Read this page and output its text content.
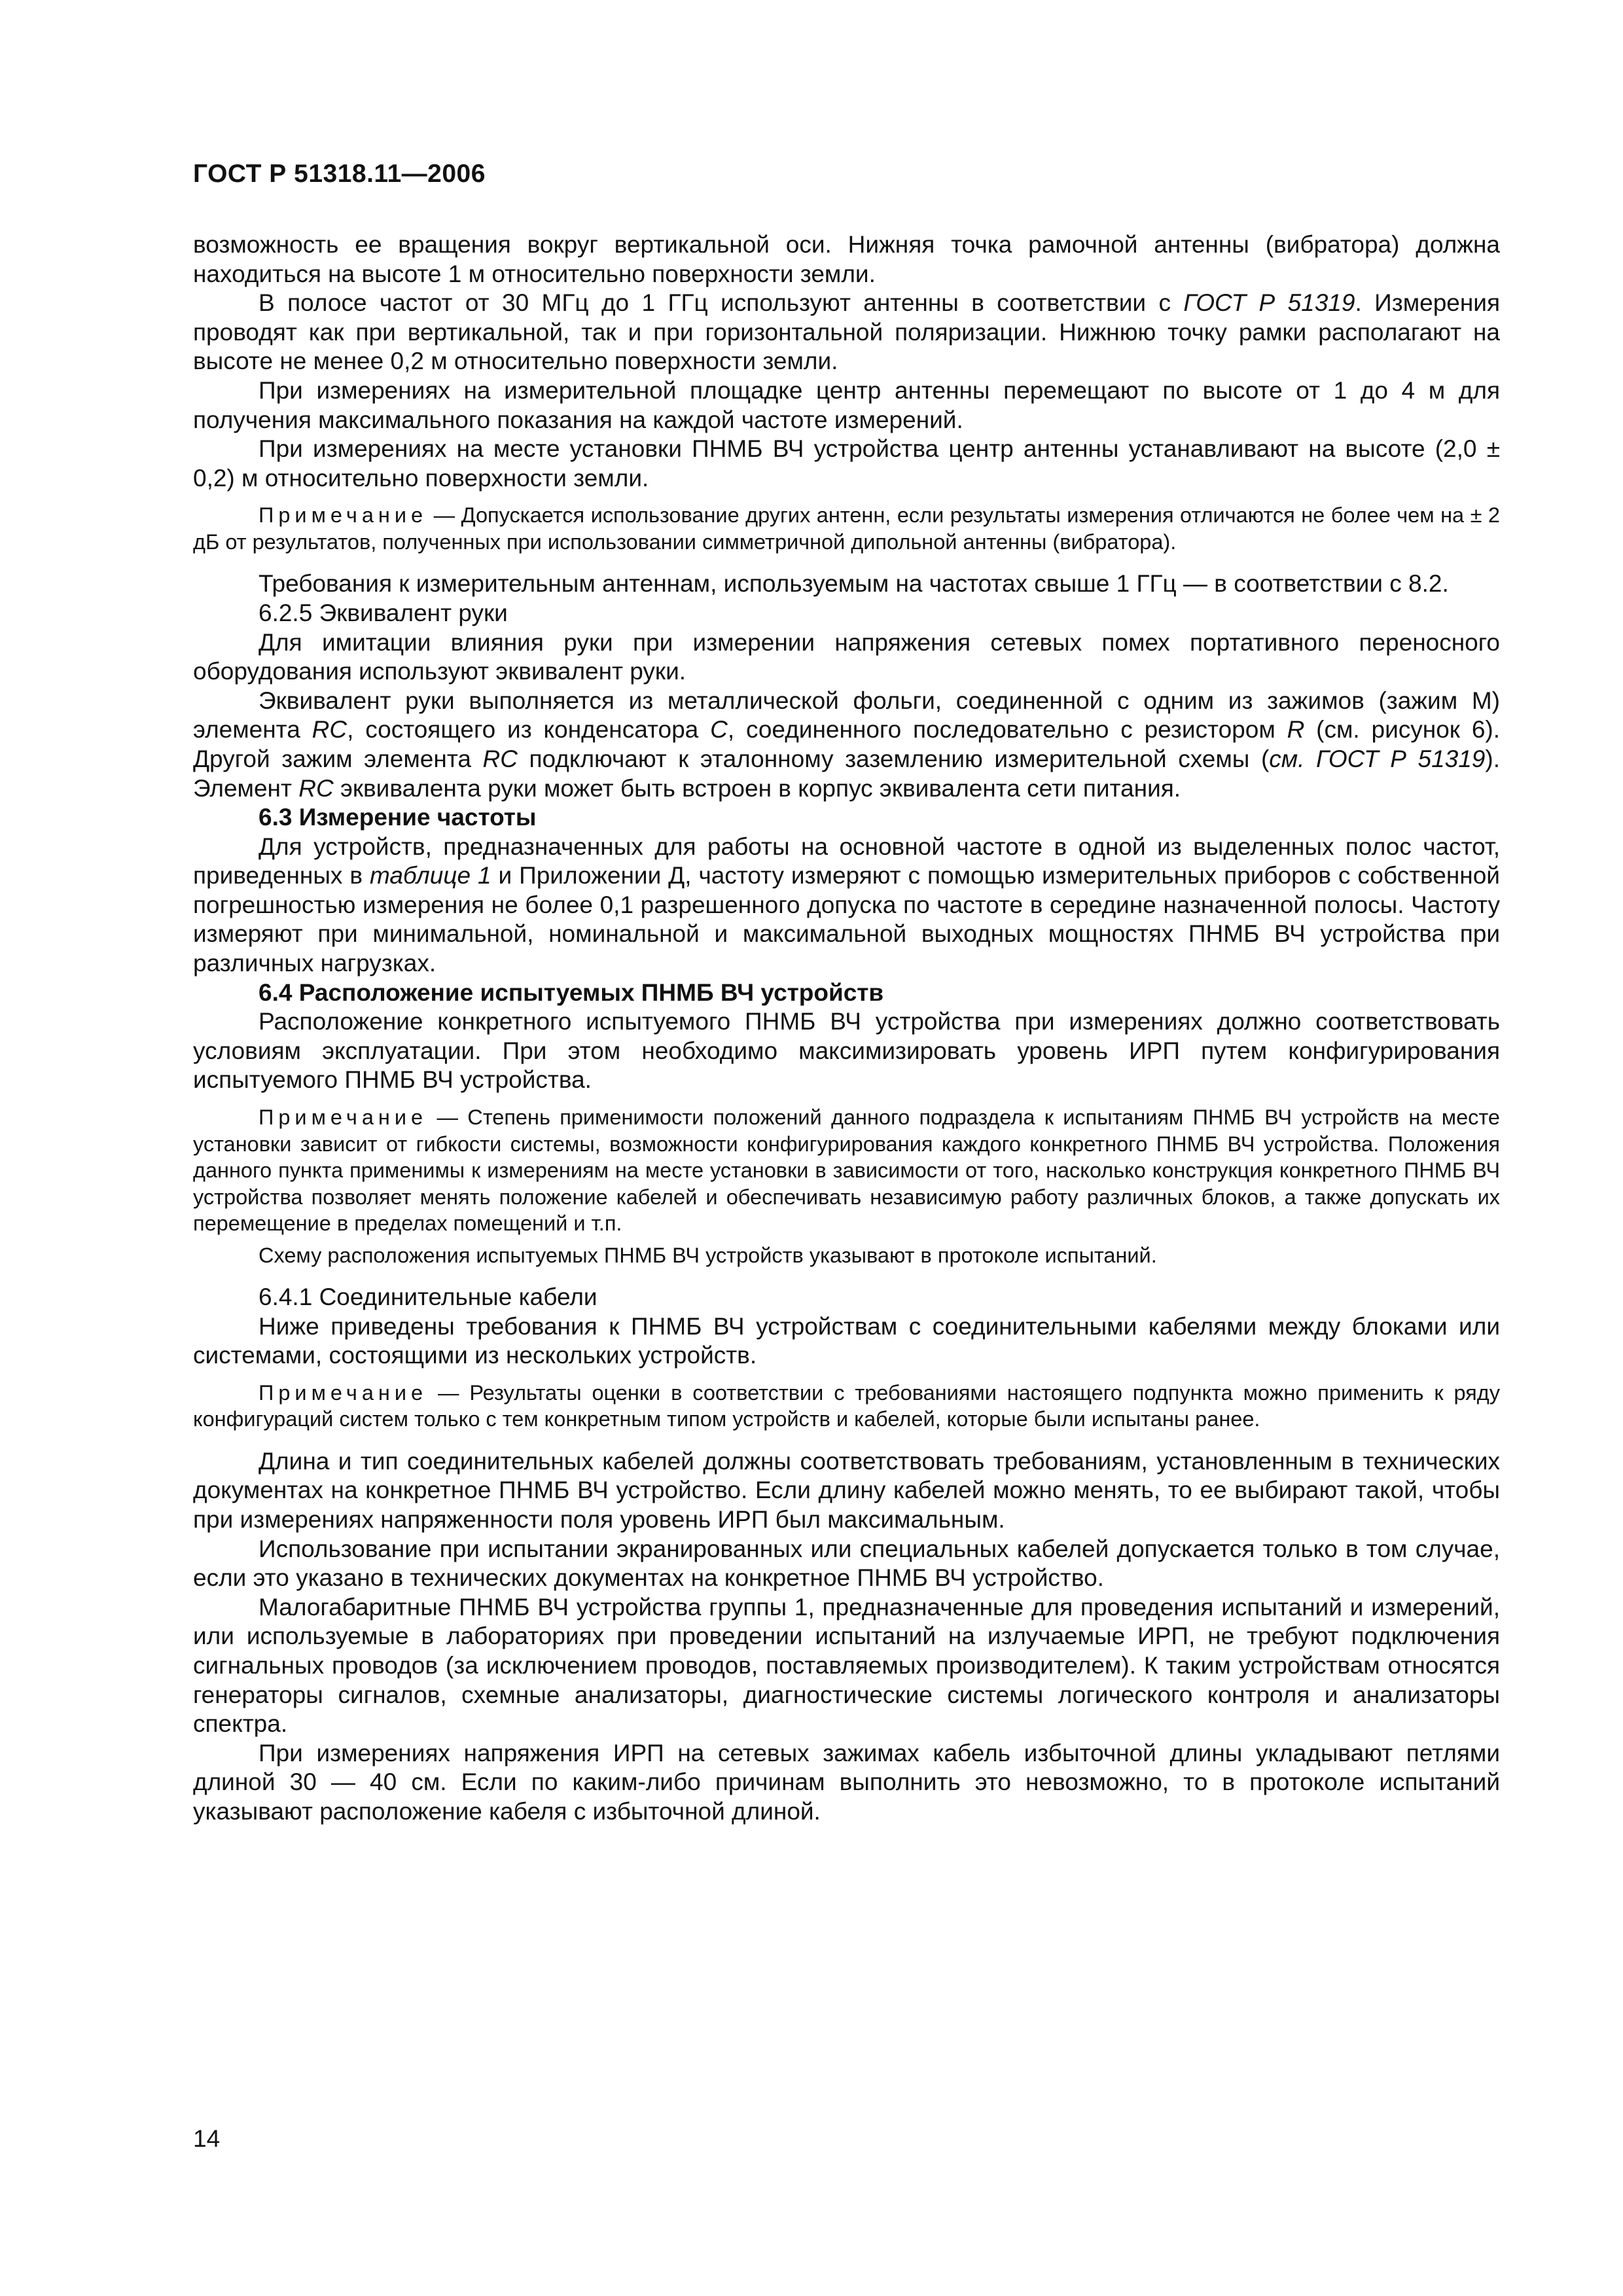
ГОСТ Р 51318.11—2006

возможность ее вращения вокруг вертикальной оси. Нижняя точка рамочной антенны (вибратора) должна находиться на высоте 1 м относительно поверхности земли.

В полосе частот от 30 МГц до 1 ГГц используют антенны в соответствии с ГОСТ Р 51319. Измерения проводят как при вертикальной, так и при горизонтальной поляризации. Нижнюю точку рамки располагают на высоте не менее 0,2 м относительно поверхности земли.

При измерениях на измерительной площадке центр антенны перемещают по высоте от 1 до 4 м для получения максимального показания на каждой частоте измерений.

При измерениях на месте установки ПНМБ ВЧ устройства центр антенны устанавливают на высоте (2,0 ± 0,2) м относительно поверхности земли.

Примечание — Допускается использование других антенн, если результаты измерения отличаются не более чем на ± 2 дБ от результатов, полученных при использовании симметричной дипольной антенны (вибратора).

Требования к измерительным антеннам, используемым на частотах свыше 1 ГГц — в соответствии с 8.2.

6.2.5 Эквивалент руки

Для имитации влияния руки при измерении напряжения сетевых помех портативного переносного оборудования используют эквивалент руки.

Эквивалент руки выполняется из металлической фольги, соединенной с одним из зажимов (зажим М) элемента RC, состоящего из конденсатора C, соединенного последовательно с резистором R (см. рисунок 6). Другой зажим элемента RC подключают к эталонному заземлению измерительной схемы (см. ГОСТ Р 51319). Элемент RC эквивалента руки может быть встроен в корпус эквивалента сети питания.

6.3 Измерение частоты

Для устройств, предназначенных для работы на основной частоте в одной из выделенных полос частот, приведенных в таблице 1 и Приложении Д, частоту измеряют с помощью измерительных приборов с собственной погрешностью измерения не более 0,1 разрешенного допуска по частоте в середине назначенной полосы. Частоту измеряют при минимальной, номинальной и максимальной выходных мощностях ПНМБ ВЧ устройства при различных нагрузках.

6.4 Расположение испытуемых ПНМБ ВЧ устройств

Расположение конкретного испытуемого ПНМБ ВЧ устройства при измерениях должно соответствовать условиям эксплуатации. При этом необходимо максимизировать уровень ИРП путем конфигурирования испытуемого ПНМБ ВЧ устройства.

Примечание — Степень применимости положений данного подраздела к испытаниям ПНМБ ВЧ устройств на месте установки зависит от гибкости системы, возможности конфигурирования каждого конкретного ПНМБ ВЧ устройства. Положения данного пункта применимы к измерениям на месте установки в зависимости от того, насколько конструкция конкретного ПНМБ ВЧ устройства позволяет менять положение кабелей и обеспечивать независимую работу различных блоков, а также допускать их перемещение в пределах помещений и т.п.

Схему расположения испытуемых ПНМБ ВЧ устройств указывают в протоколе испытаний.

6.4.1 Соединительные кабели

Ниже приведены требования к ПНМБ ВЧ устройствам с соединительными кабелями между блоками или системами, состоящими из нескольких устройств.

Примечание — Результаты оценки в соответствии с требованиями настоящего подпункта можно применить к ряду конфигураций систем только с тем конкретным типом устройств и кабелей, которые были испытаны ранее.

Длина и тип соединительных кабелей должны соответствовать требованиям, установленным в технических документах на конкретное ПНМБ ВЧ устройство. Если длину кабелей можно менять, то ее выбирают такой, чтобы при измерениях напряженности поля уровень ИРП был максимальным.

Использование при испытании экранированных или специальных кабелей допускается только в том случае, если это указано в технических документах на конкретное ПНМБ ВЧ устройство.

Малогабаритные ПНМБ ВЧ устройства группы 1, предназначенные для проведения испытаний и измерений, или используемые в лабораториях при проведении испытаний на излучаемые ИРП, не требуют подключения сигнальных проводов (за исключением проводов, поставляемых производителем). К таким устройствам относятся генераторы сигналов, схемные анализаторы, диагностические системы логического контроля и анализаторы спектра.

При измерениях напряжения ИРП на сетевых зажимах кабель избыточной длины укладывают петлями длиной 30 — 40 см. Если по каким-либо причинам выполнить это невозможно, то в протоколе испытаний указывают расположение кабеля с избыточной длиной.

14
